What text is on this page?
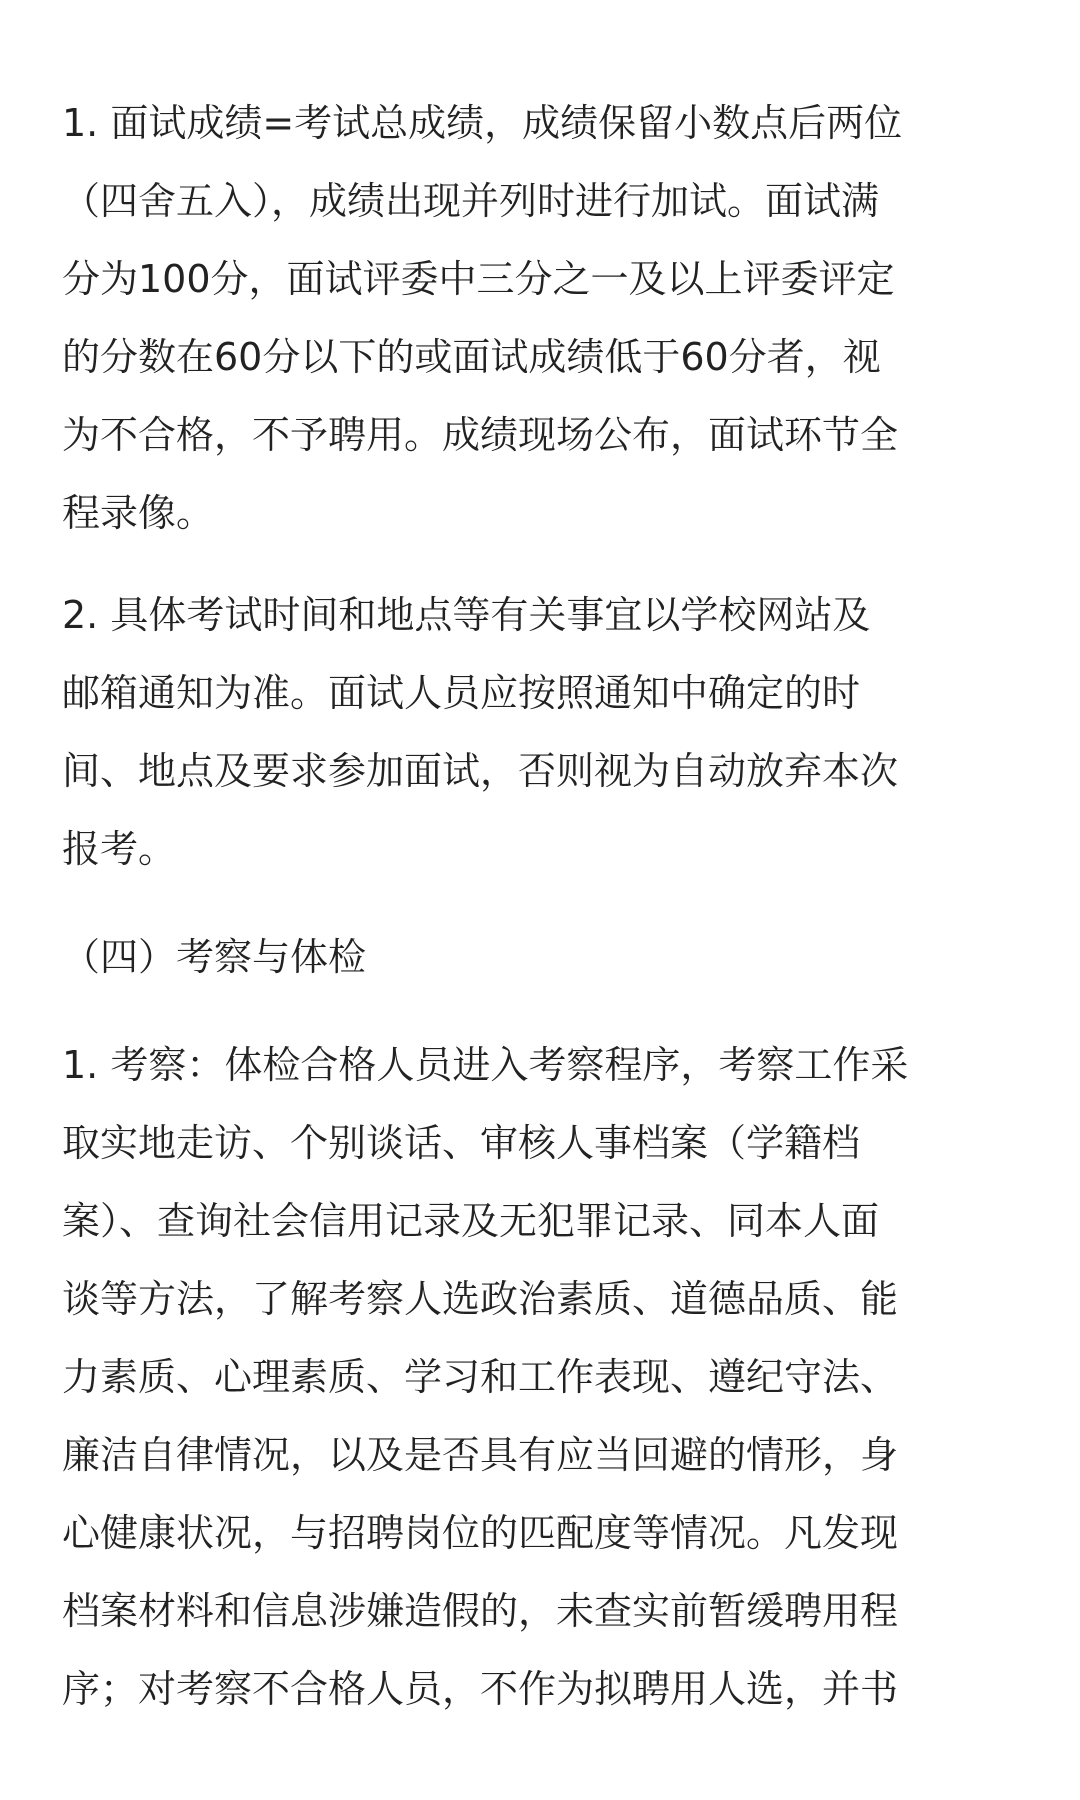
1. 面试成绩=考试总成绩，成绩保留小数点后两位
（四舍五入），成绩出现并列时进行加试。面试满
分为100分，面试评委中三分之一及以上评委评定
的分数在60分以下的或面试成绩低于60分者，视
为不合格，不予聘用。成绩现场公布，面试环节全
程录像。
2. 具体考试时间和地点等有关事宜以学校网站及
邮箱通知为准。面试人员应按照通知中确定的时
间、地点及要求参加面试，否则视为自动放弃本次
报考。
（四）考察与体检
1. 考察：体检合格人员进入考察程序，考察工作采
取实地走访、个别谈话、审核人事档案（学籍档
案）、查询社会信用记录及无犯罪记录、同本人面
谈等方法，了解考察人选政治素质、道德品质、能
力素质、心理素质、学习和工作表现、遵纪守法、
廉洁自律情况，以及是否具有应当回避的情形，身
心健康状况，与招聘岗位的匹配度等情况。凡发现
档案材料和信息涉嫌造假的，未查实前暂缓聘用程
序；对考察不合格人员，不作为拟聘用人选，并书
